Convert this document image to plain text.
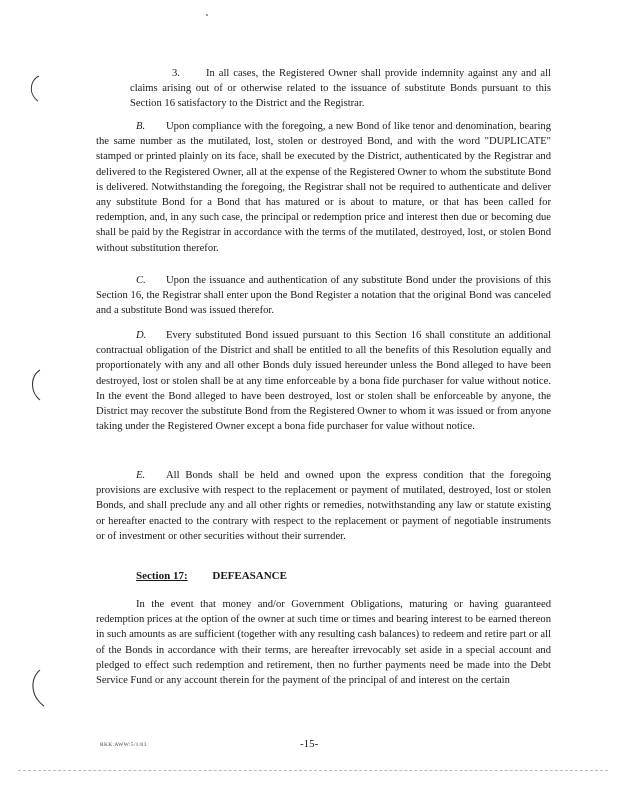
3. In all cases, the Registered Owner shall provide indemnity against any and all claims arising out of or otherwise related to the issuance of substitute Bonds pursuant to this Section 16 satisfactory to the District and the Registrar.

B. Upon compliance with the foregoing, a new Bond of like tenor and denomination, bearing the same number as the mutilated, lost, stolen or destroyed Bond, and with the word "DUPLICATE" stamped or printed plainly on its face, shall be executed by the District, authenticated by the Registrar and delivered to the Registered Owner, all at the expense of the Registered Owner to whom the substitute Bond is delivered. Notwithstanding the foregoing, the Registrar shall not be required to authenticate and deliver any substitute Bond for a Bond that has matured or is about to mature, or that has been called for redemption, and, in any such case, the principal or redemption price and interest then due or becoming due shall be paid by the Registrar in accordance with the terms of the mutilated, destroyed, lost, or stolen Bond without substitution therefor.

C. Upon the issuance and authentication of any substitute Bond under the provisions of this Section 16, the Registrar shall enter upon the Bond Register a notation that the original Bond was canceled and a substitute Bond was issued therefor.

D. Every substituted Bond issued pursuant to this Section 16 shall constitute an additional contractual obligation of the District and shall be entitled to all the benefits of this Resolution equally and proportionately with any and all other Bonds duly issued hereunder unless the Bond alleged to have been destroyed, lost or stolen shall be at any time enforceable by a bona fide purchaser for value without notice. In the event the Bond alleged to have been destroyed, lost or stolen shall be enforceable by anyone, the District may recover the substitute Bond from the Registered Owner to whom it was issued or from anyone taking under the Registered Owner except a bona fide purchaser for value without notice.

E. All Bonds shall be held and owned upon the express condition that the foregoing provisions are exclusive with respect to the replacement or payment of mutilated, destroyed, lost or stolen Bonds, and shall preclude any and all other rights or remedies, notwithstanding any law or statute existing or hereafter enacted to the contrary with respect to the replacement or payment of negotiable instruments or of investment or other securities without their surrender.

Section 17: DEFEASANCE

In the event that money and/or Government Obligations, maturing or having guaranteed redemption prices at the option of the owner at such time or times and bearing interest to be earned thereon in such amounts as are sufficient (together with any resulting cash balances) to redeem and retire part or all of the Bonds in accordance with their terms, are hereafter irrevocably set aside in a special account and pledged to effect such redemption and retirement, then no further payments need be made into the Debt Service Fund or any account therein for the payment of the principal of and interest on the certain

RKK:AWW:5/1/03	-15-
